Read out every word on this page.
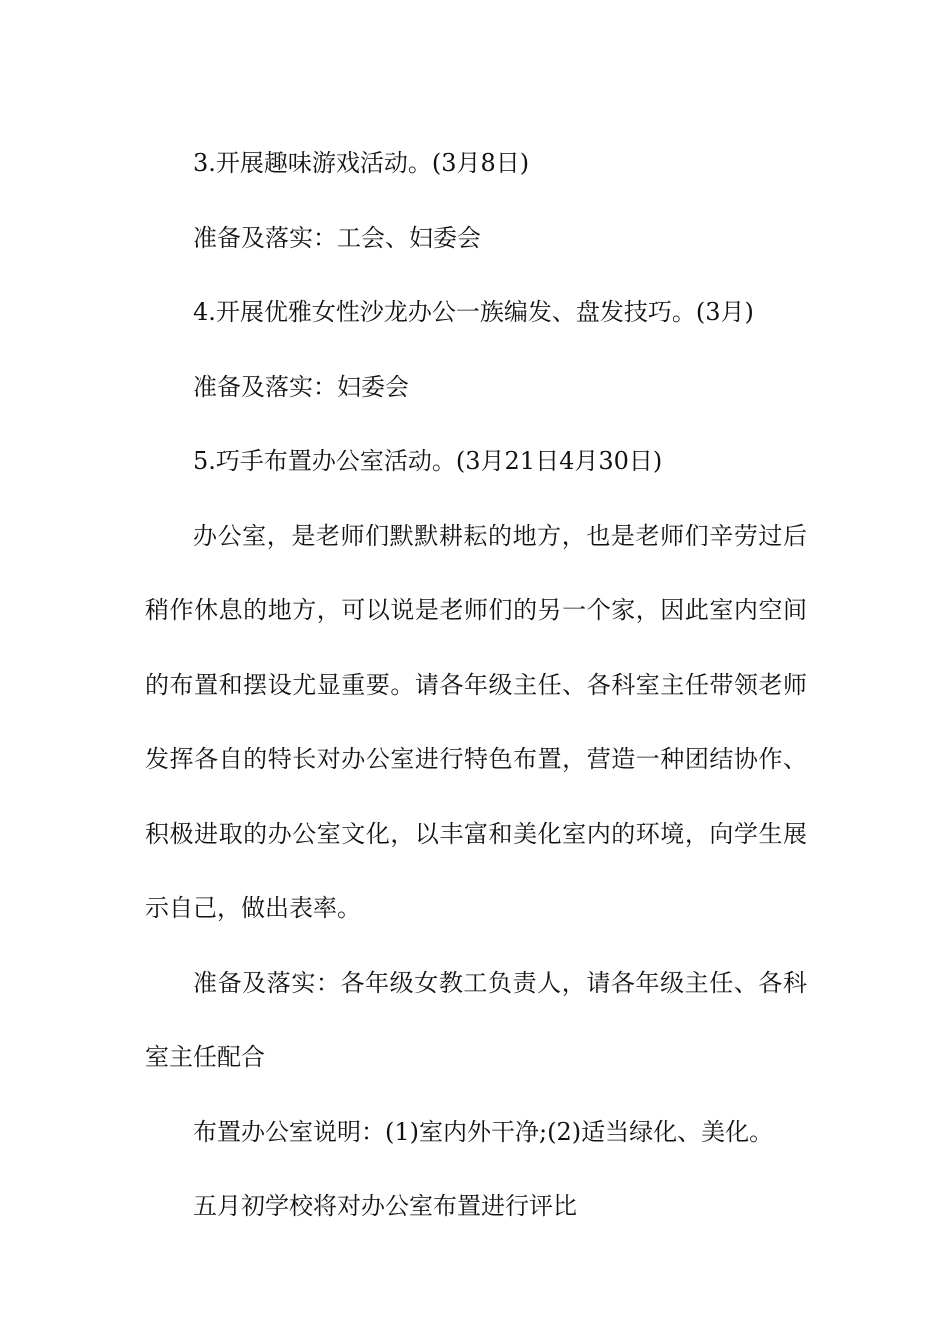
3.开展趣味游戏活动。(3月8日)

准备及落实：工会、妇委会

4.开展优雅女性沙龙办公一族编发、盘发技巧。(3月)

准备及落实：妇委会

5.巧手布置办公室活动。(3月21日4月30日)

办公室，是老师们默默耕耘的地方，也是老师们辛劳过后稍作休息的地方，可以说是老师们的另一个家，因此室内空间的布置和摆设尤显重要。请各年级主任、各科室主任带领老师发挥各自的特长对办公室进行特色布置，营造一种团结协作、积极进取的办公室文化，以丰富和美化室内的环境，向学生展示自己，做出表率。

准备及落实：各年级女教工负责人，请各年级主任、各科室主任配合

布置办公室说明：(1)室内外干净;(2)适当绿化、美化。

五月初学校将对办公室布置进行评比
